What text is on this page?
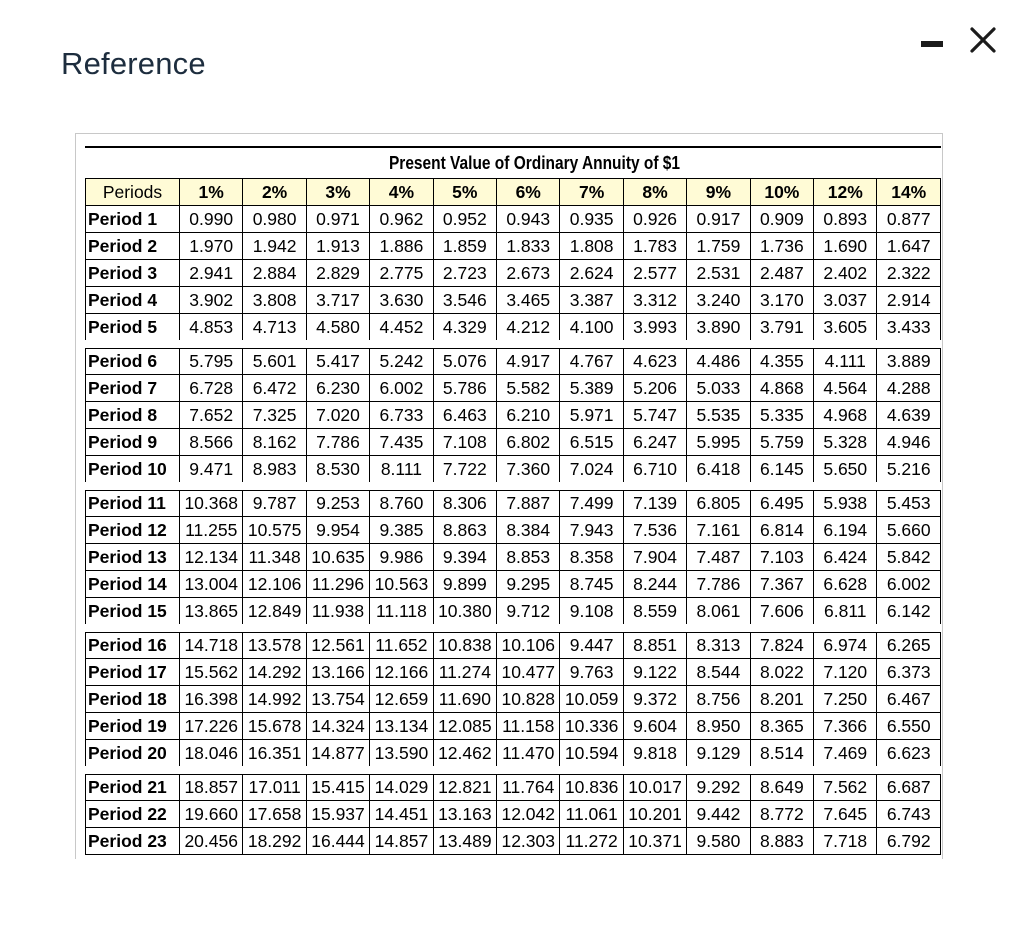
Reference
Present Value of Ordinary Annuity of $1
Periods	1%	2%	3%	4%	5%	6%	7%	8%	9%	10%	12%	14%
Period 1	0.990	0.980	0.971	0.962	0.952	0.943	0.935	0.926	0.917	0.909	0.893	0.877
Period 2	1.970	1.942	1.913	1.886	1.859	1.833	1.808	1.783	1.759	1.736	1.690	1.647
Period 3	2.941	2.884	2.829	2.775	2.723	2.673	2.624	2.577	2.531	2.487	2.402	2.322
Period 4	3.902	3.808	3.717	3.630	3.546	3.465	3.387	3.312	3.240	3.170	3.037	2.914
Period 5	4.853	4.713	4.580	4.452	4.329	4.212	4.100	3.993	3.890	3.791	3.605	3.433
Period 6	5.795	5.601	5.417	5.242	5.076	4.917	4.767	4.623	4.486	4.355	4.111	3.889
Period 7	6.728	6.472	6.230	6.002	5.786	5.582	5.389	5.206	5.033	4.868	4.564	4.288
Period 8	7.652	7.325	7.020	6.733	6.463	6.210	5.971	5.747	5.535	5.335	4.968	4.639
Period 9	8.566	8.162	7.786	7.435	7.108	6.802	6.515	6.247	5.995	5.759	5.328	4.946
Period 10	9.471	8.983	8.530	8.111	7.722	7.360	7.024	6.710	6.418	6.145	5.650	5.216
Period 11	10.368	9.787	9.253	8.760	8.306	7.887	7.499	7.139	6.805	6.495	5.938	5.453
Period 12	11.255	10.575	9.954	9.385	8.863	8.384	7.943	7.536	7.161	6.814	6.194	5.660
Period 13	12.134	11.348	10.635	9.986	9.394	8.853	8.358	7.904	7.487	7.103	6.424	5.842
Period 14	13.004	12.106	11.296	10.563	9.899	9.295	8.745	8.244	7.786	7.367	6.628	6.002
Period 15	13.865	12.849	11.938	11.118	10.380	9.712	9.108	8.559	8.061	7.606	6.811	6.142
Period 16	14.718	13.578	12.561	11.652	10.838	10.106	9.447	8.851	8.313	7.824	6.974	6.265
Period 17	15.562	14.292	13.166	12.166	11.274	10.477	9.763	9.122	8.544	8.022	7.120	6.373
Period 18	16.398	14.992	13.754	12.659	11.690	10.828	10.059	9.372	8.756	8.201	7.250	6.467
Period 19	17.226	15.678	14.324	13.134	12.085	11.158	10.336	9.604	8.950	8.365	7.366	6.550
Period 20	18.046	16.351	14.877	13.590	12.462	11.470	10.594	9.818	9.129	8.514	7.469	6.623
Period 21	18.857	17.011	15.415	14.029	12.821	11.764	10.836	10.017	9.292	8.649	7.562	6.687
Period 22	19.660	17.658	15.937	14.451	13.163	12.042	11.061	10.201	9.442	8.772	7.645	6.743
Period 23	20.456	18.292	16.444	14.857	13.489	12.303	11.272	10.371	9.580	8.883	7.718	6.792
